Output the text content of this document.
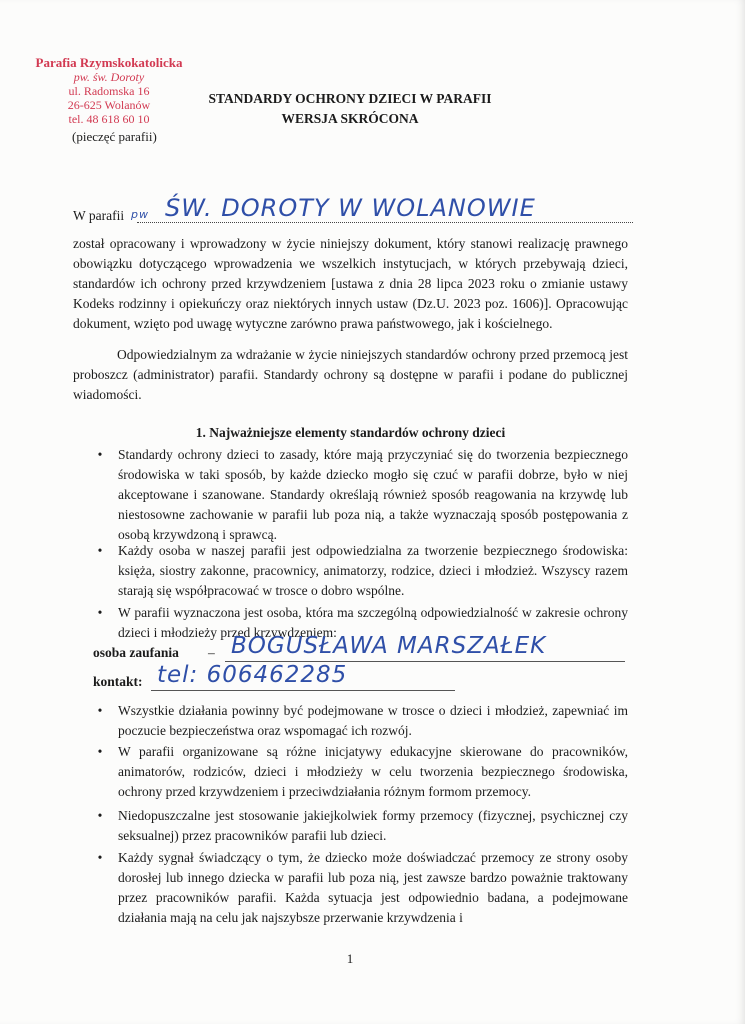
Parafia Rzymskokatolicka
pw. św. Doroty
ul. Radomska 16
26-625 Wolanów
tel. 48 618 60 10
(pieczęć parafii)
STANDARDY OCHRONY DZIECI W PARAFII
WERSJA SKRÓCONA
W parafii pw ŚW. DOROTY W WOLANOWIE
został opracowany i wprowadzony w życie niniejszy dokument, który stanowi realizację prawnego obowiązku dotyczącego wprowadzenia we wszelkich instytucjach, w których przebywają dzieci, standardów ich ochrony przed krzywdzeniem [ustawa z dnia 28 lipca 2023 roku o zmianie ustawy Kodeks rodzinny i opiekuńczy oraz niektórych innych ustaw (Dz.U. 2023 poz. 1606)]. Opracowując dokument, wzięto pod uwagę wytyczne zarówno prawa państwowego, jak i kościelnego.
Odpowiedzialnym za wdrażanie w życie niniejszych standardów ochrony przed przemocą jest proboszcz (administrator) parafii. Standardy ochrony są dostępne w parafii i podane do publicznej wiadomości.
1. Najważniejsze elementy standardów ochrony dzieci
•	Standardy ochrony dzieci to zasady, które mają przyczyniać się do tworzenia bezpiecznego środowiska w taki sposób, by każde dziecko mogło się czuć w parafii dobrze, było w niej akceptowane i szanowane. Standardy określają również sposób reagowania na krzywdę lub niestosowne zachowanie w parafii lub poza nią, a także wyznaczają sposób postępowania z osobą krzywdzoną i sprawcą.
•	Każdy osoba w naszej parafii jest odpowiedzialna za tworzenie bezpiecznego środowiska: księża, siostry zakonne, pracownicy, animatorzy, rodzice, dzieci i młodzież. Wszyscy razem starają się współpracować w trosce o dobro wspólne.
•	W parafii wyznaczona jest osoba, która ma szczególną odpowiedzialność w zakresie ochrony dzieci i młodzieży przed krzywdzeniem:
osoba zaufania – BOGUSŁAWA MARSZAŁEK
kontakt: tel: 606462285
•	Wszystkie działania powinny być podejmowane w trosce o dzieci i młodzież, zapewniać im poczucie bezpieczeństwa oraz wspomagać ich rozwój.
•	W parafii organizowane są różne inicjatywy edukacyjne skierowane do pracowników, animatorów, rodziców, dzieci i młodzieży w celu tworzenia bezpiecznego środowiska, ochrony przed krzywdzeniem i przeciwdziałania różnym formom przemocy.
•	Niedopuszczalne jest stosowanie jakiejkolwiek formy przemocy (fizycznej, psychicznej czy seksualnej) przez pracowników parafii lub dzieci.
•	Każdy sygnał świadczący o tym, że dziecko może doświadczać przemocy ze strony osoby dorosłej lub innego dziecka w parafii lub poza nią, jest zawsze bardzo poważnie traktowany przez pracowników parafii. Każda sytuacja jest odpowiednio badana, a podejmowane działania mają na celu jak najszybsze przerwanie krzywdzenia i
1
